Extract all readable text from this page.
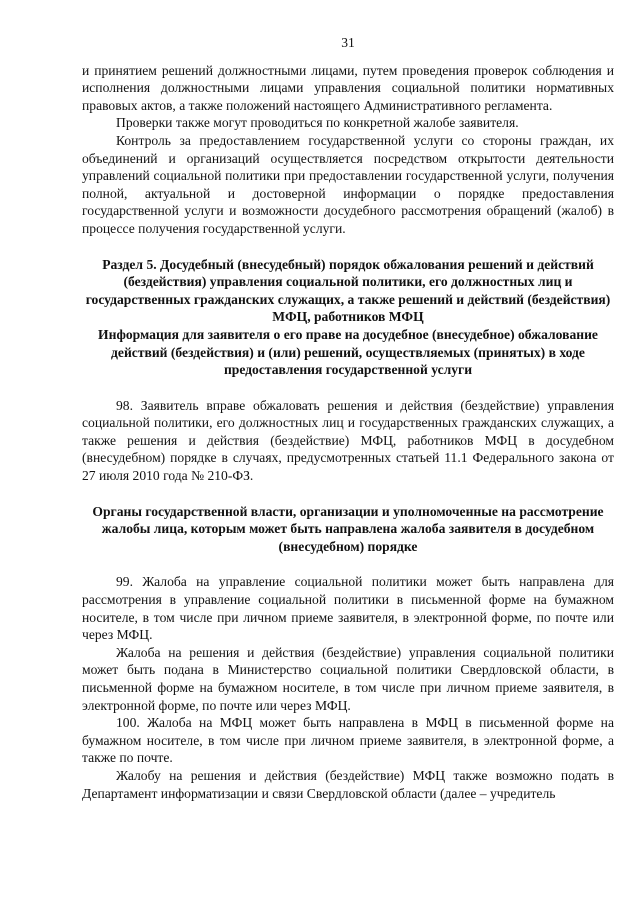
31

и принятием решений должностными лицами, путем проведения проверок соблюдения и исполнения должностными лицами управления социальной политики нормативных правовых актов, а также положений настоящего Административного регламента.

Проверки также могут проводиться по конкретной жалобе заявителя.

Контроль за предоставлением государственной услуги со стороны граждан, их объединений и организаций осуществляется посредством открытости деятельности управлений социальной политики при предоставлении государственной услуги, получения полной, актуальной и достоверной информации о порядке предоставления государственной услуги и возможности досудебного рассмотрения обращений (жалоб) в процессе получения государственной услуги.

Раздел 5. Досудебный (внесудебный) порядок обжалования решений и действий (бездействия) управления социальной политики, его должностных лиц и государственных гражданских служащих, а также решений и действий (бездействия) МФЦ, работников МФЦ

Информация для заявителя о его праве на досудебное (внесудебное) обжалование действий (бездействия) и (или) решений, осуществляемых (принятых) в ходе предоставления государственной услуги

98. Заявитель вправе обжаловать решения и действия (бездействие) управления социальной политики, его должностных лиц и государственных гражданских служащих, а также решения и действия (бездействие) МФЦ, работников МФЦ в досудебном (внесудебном) порядке в случаях, предусмотренных статьей 11.1 Федерального закона от 27 июля 2010 года № 210-ФЗ.

Органы государственной власти, организации и уполномоченные на рассмотрение жалобы лица, которым может быть направлена жалоба заявителя в досудебном (внесудебном) порядке

99. Жалоба на управление социальной политики может быть направлена для рассмотрения в управление социальной политики в письменной форме на бумажном носителе, в том числе при личном приеме заявителя, в электронной форме, по почте или через МФЦ.

Жалоба на решения и действия (бездействие) управления социальной политики может быть подана в Министерство социальной политики Свердловской области, в письменной форме на бумажном носителе, в том числе при личном приеме заявителя, в электронной форме, по почте или через МФЦ.

100. Жалоба на МФЦ может быть направлена в МФЦ в письменной форме на бумажном носителе, в том числе при личном приеме заявителя, в электронной форме, а также по почте.

Жалобу на решения и действия (бездействие) МФЦ также возможно подать в Департамент информатизации и связи Свердловской области (далее – учредитель
